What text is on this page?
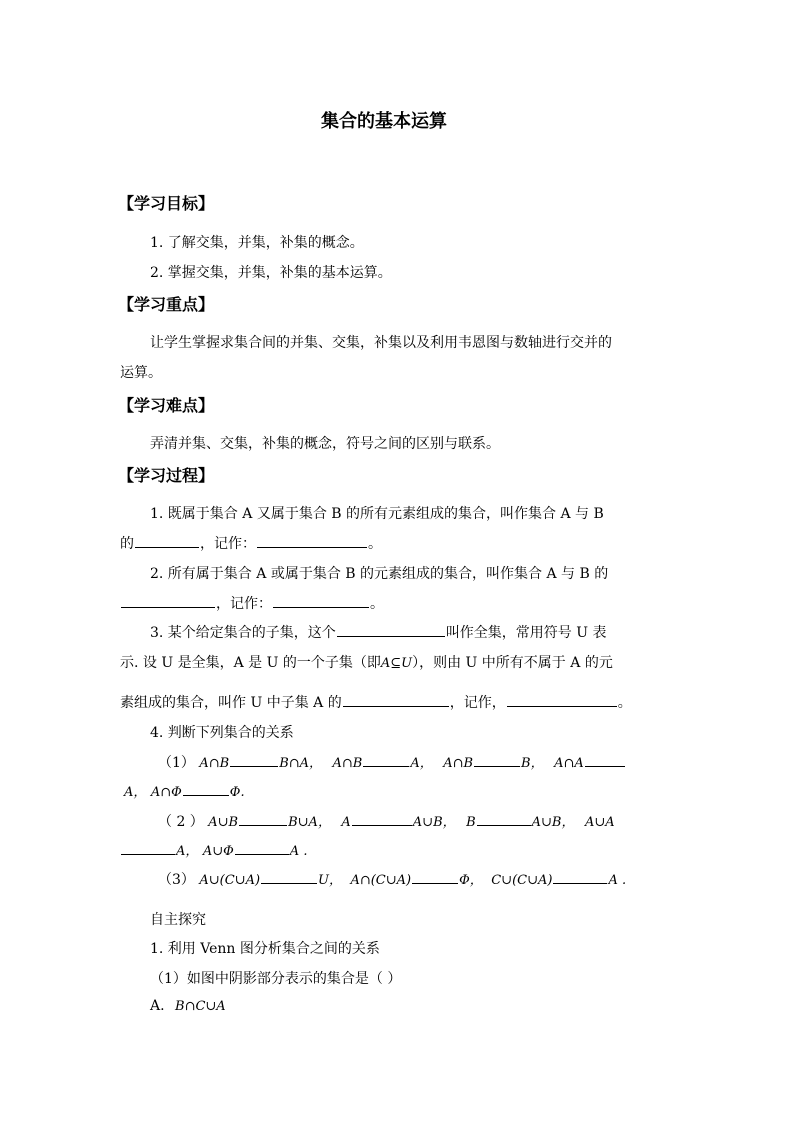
集合的基本运算
【学习目标】
1. 了解交集，并集，补集的概念。
2. 掌握交集，并集，补集的基本运算。
【学习重点】
让学生掌握求集合间的并集、交集，补集以及利用韦恩图与数轴进行交并的
运算。
【学习难点】
弄清并集、交集，补集的概念，符号之间的区别与联系。
【学习过程】
1. 既属于集合 A 又属于集合 B 的所有元素组成的集合，叫作集合 A 与 B
的	，记作：	。
2. 所有属于集合 A 或属于集合 B 的元素组成的集合，叫作集合 A 与 B 的
，记作：	。
3. 某个给定集合的子集，这个	叫作全集，常用符号 U 表
示. 设 U 是全集，A 是 U 的一个子集（即A⊆U），则由 U 中所有不属于 A 的元
素组成的集合，叫作 U 中子集 A 的	，记作，	。
4. 判断下列集合的关系
（1） A∩B	B∩A， A∩B	A， A∩B	B， A∩A
A， A∩Φ	Φ.
（ 2 ） A∪B	B∪A， A	A∪B， B	A∪B， A∪A
A， A∪Φ	A .
（3） A∪(C∪A)	U， A∩(C∪A)	Φ， C∪(C∪A)	A .
自主探究
1. 利用 Venn 图分析集合之间的关系
（1）如图中阴影部分表示的集合是（ ）
A. B∩C∪A
